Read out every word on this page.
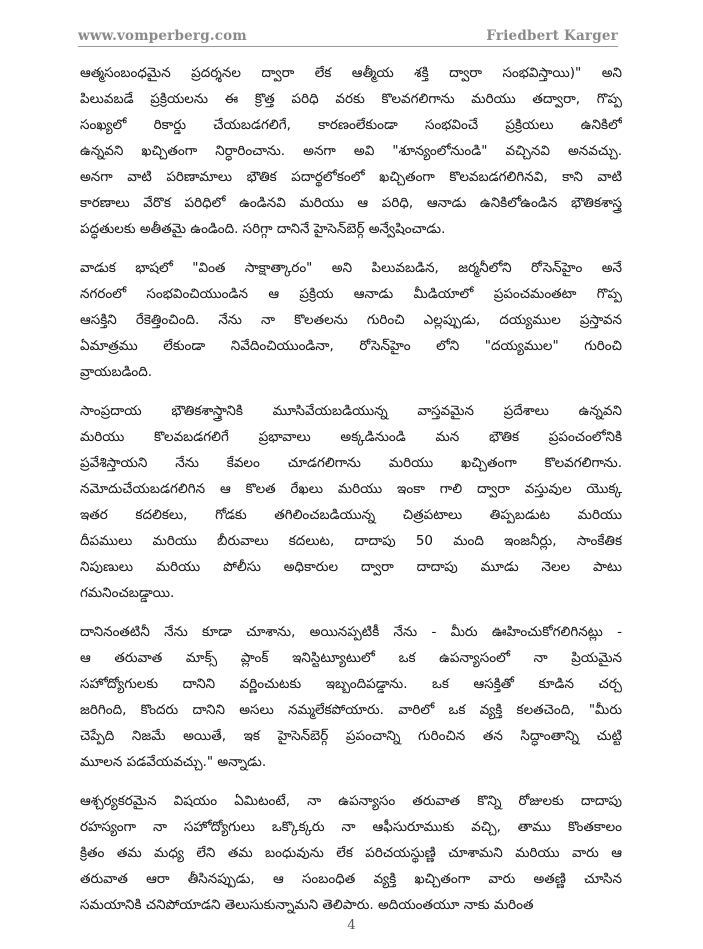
www.vomperberg.com	Friedbert Karger
ఆత్మసంబంధమైన ప్రదర్శనల ద్వారా లేక ఆత్మీయ శక్తి ద్వారా సంభవిస్తాయి)" అని
పిలువబడే ప్రక్రియలను ఈ క్రొత్త పరిధి వరకు కొలవగలిగాను మరియు తద్వారా, గొప్ప
సంఖ్యలో రికార్డు చేయబడగలిగే, కారణంలేకుండా సంభవించే ప్రక్రియలు ఉనికిలో
ఉన్నవని ఖచ్చితంగా నిర్ధారించాను. అనగా అవి "శూన్యంలోనుండి" వచ్చినవి అనవచ్చు.
అనగా వాటి పరిణామాలు భౌతిక పదార్థలోకంలో ఖచ్చితంగా కొలవబడగలిగినవి, కాని వాటి
కారణాలు వేరొక పరిధిలో ఉండినవి మరియు ఆ పరిధి, ఆనాడు ఉనికిలోఉండిన భౌతికశాస్త్ర
పద్ధతులకు అతీతమై ఉండింది. సరిగ్గా దానినే హైసెన్‌బెర్గ్ అన్వేషించాడు.
వాడుక భాషలో "వింత సాక్షాత్కారం" అని పిలువబడిన, జర్మనీలోని రోసెన్‌హైం అనే
నగరంలో సంభవించియుండిన ఆ ప్రక్రియ ఆనాడు మీడియాలో ప్రపంచమంతటా గొప్ప
ఆసక్తిని రేకెత్తించింది. నేను నా కొలతలను గురించి ఎల్లప్పుడు, దయ్యముల ప్రస్తావన
ఏమాత్రము లేకుండా నివేదించియుండినా, రోసెన్‌హైం లోని "దయ్యముల" గురించి
వ్రాయబడింది.
సాంప్రదాయ భౌతికశాస్త్రానికి మూసివేయబడియున్న వాస్తవమైన ప్రదేశాలు ఉన్నవని
మరియు కొలవబడగలిగే ప్రభావాలు అక్కడినుండి మన భౌతిక ప్రపంచంలోనికి
ప్రవేశిస్తాయని నేను కేవలం చూడగలిగాను మరియు ఖచ్చితంగా కొలవగలిగాను.
నమోదుచేయబడగలిగిన ఆ కొలత రేఖలు మరియు ఇంకా గాలి ద్వారా వస్తువుల యొక్క
ఇతర కదలికలు, గోడకు తగిలించబడియున్న చిత్రపటాలు తిప్పబడుట మరియు
దీపములు మరియు బీరువాలు కదలుట, దాదాపు 50 మంది ఇంజనీర్లు, సాంకేతిక
నిపుణులు మరియు పోలీసు అధికారుల ద్వారా దాదాపు మూడు నెలల పాటు
గమనించబడ్డాయి.
దానినంతటినీ నేను కూడా చూశాను, అయినప్పటికీ నేను - మీరు ఊహించుకోగలిగినట్లు -
ఆ తరువాత మాక్స్ ప్లాంక్ ఇనిస్టిట్యూటులో ఒక ఉపన్యాసంలో నా ప్రియమైన
సహోద్యోగులకు దానిని వర్ణించుటకు ఇబ్బందిపడ్డాను. ఒక ఆసక్తితో కూడిన చర్చ
జరిగింది, కొందరు దానిని అసలు నమ్మలేకపోయారు. వారిలో ఒక వ్యక్తి కలతచెంది, "మీరు
చెప్పేది నిజమే అయితే, ఇక హైసెన్‌బెర్గ్ ప్రపంచాన్ని గురించిన తన సిద్ధాంతాన్ని చుట్టి
మూలన పడవేయవచ్చు." అన్నాడు.
ఆశ్చర్యకరమైన విషయం ఏమిటంటే, నా ఉపన్యాసం తరువాత కొన్ని రోజులకు దాదాపు
రహస్యంగా నా సహోద్యోగులు ఒక్కొక్కరు నా ఆఫీసురూముకు వచ్చి, తాము కొంతకాలం
క్రితం తమ మధ్య లేని తమ బంధువును లేక పరిచయస్థుణ్ణి చూశామని మరియు వారు ఆ
తరువాత ఆరా తీసినప్పుడు, ఆ సంబంధిత వ్యక్తి ఖచ్చితంగా వారు అతణ్ణి చూసిన
సమయానికి చనిపోయాడని తెలుసుకున్నామని తెలిపారు. అదియంతయూ నాకు మరింత
4
